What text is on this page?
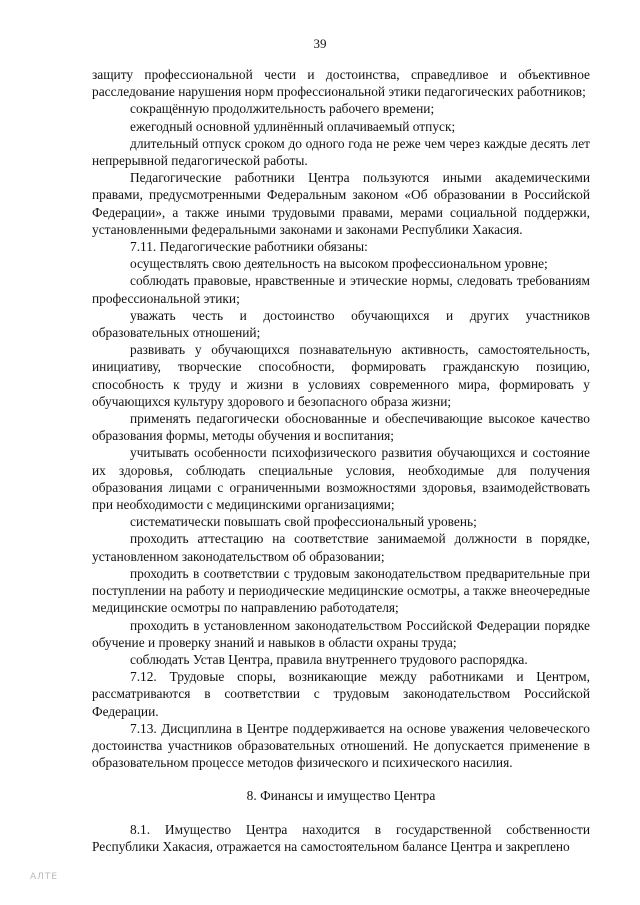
39

защиту профессиональной чести и достоинства, справедливое и объективное расследование нарушения норм профессиональной этики педагогических работников;

сокращённую продолжительность рабочего времени;

ежегодный основной удлинённый оплачиваемый отпуск;

длительный отпуск сроком до одного года не реже чем через каждые десять лет непрерывной педагогической работы.

Педагогические работники Центра пользуются иными академическими правами, предусмотренными Федеральным законом «Об образовании в Российской Федерации», а также иными трудовыми правами, мерами социальной поддержки, установленными федеральными законами и законами Республики Хакасия.

7.11. Педагогические работники обязаны:

осуществлять свою деятельность на высоком профессиональном уровне;

соблюдать правовые, нравственные и этические нормы, следовать требованиям профессиональной этики;

уважать честь и достоинство обучающихся и других участников образовательных отношений;

развивать у обучающихся познавательную активность, самостоятельность, инициативу, творческие способности, формировать гражданскую позицию, способность к труду и жизни в условиях современного мира, формировать у обучающихся культуру здорового и безопасного образа жизни;

применять педагогически обоснованные и обеспечивающие высокое качество образования формы, методы обучения и воспитания;

учитывать особенности психофизического развития обучающихся и состояние их здоровья, соблюдать специальные условия, необходимые для получения образования лицами с ограниченными возможностями здоровья, взаимодействовать при необходимости с медицинскими организациями;

систематически повышать свой профессиональный уровень;

проходить аттестацию на соответствие занимаемой должности в порядке, установленном законодательством об образовании;

проходить в соответствии с трудовым законодательством предварительные при поступлении на работу и периодические медицинские осмотры, а также внеочередные медицинские осмотры по направлению работодателя;

проходить в установленном законодательством Российской Федерации порядке обучение и проверку знаний и навыков в области охраны труда;

соблюдать Устав Центра, правила внутреннего трудового распорядка.

7.12. Трудовые споры, возникающие между работниками и Центром, рассматриваются в соответствии с трудовым законодательством Российской Федерации.

7.13. Дисциплина в Центре поддерживается на основе уважения человеческого достоинства участников образовательных отношений. Не допускается применение в образовательном процессе методов физического и психического насилия.

8. Финансы и имущество Центра

8.1. Имущество Центра находится в государственной собственности Республики Хакасия, отражается на самостоятельном балансе Центра и закреплено

АЛТЕ
